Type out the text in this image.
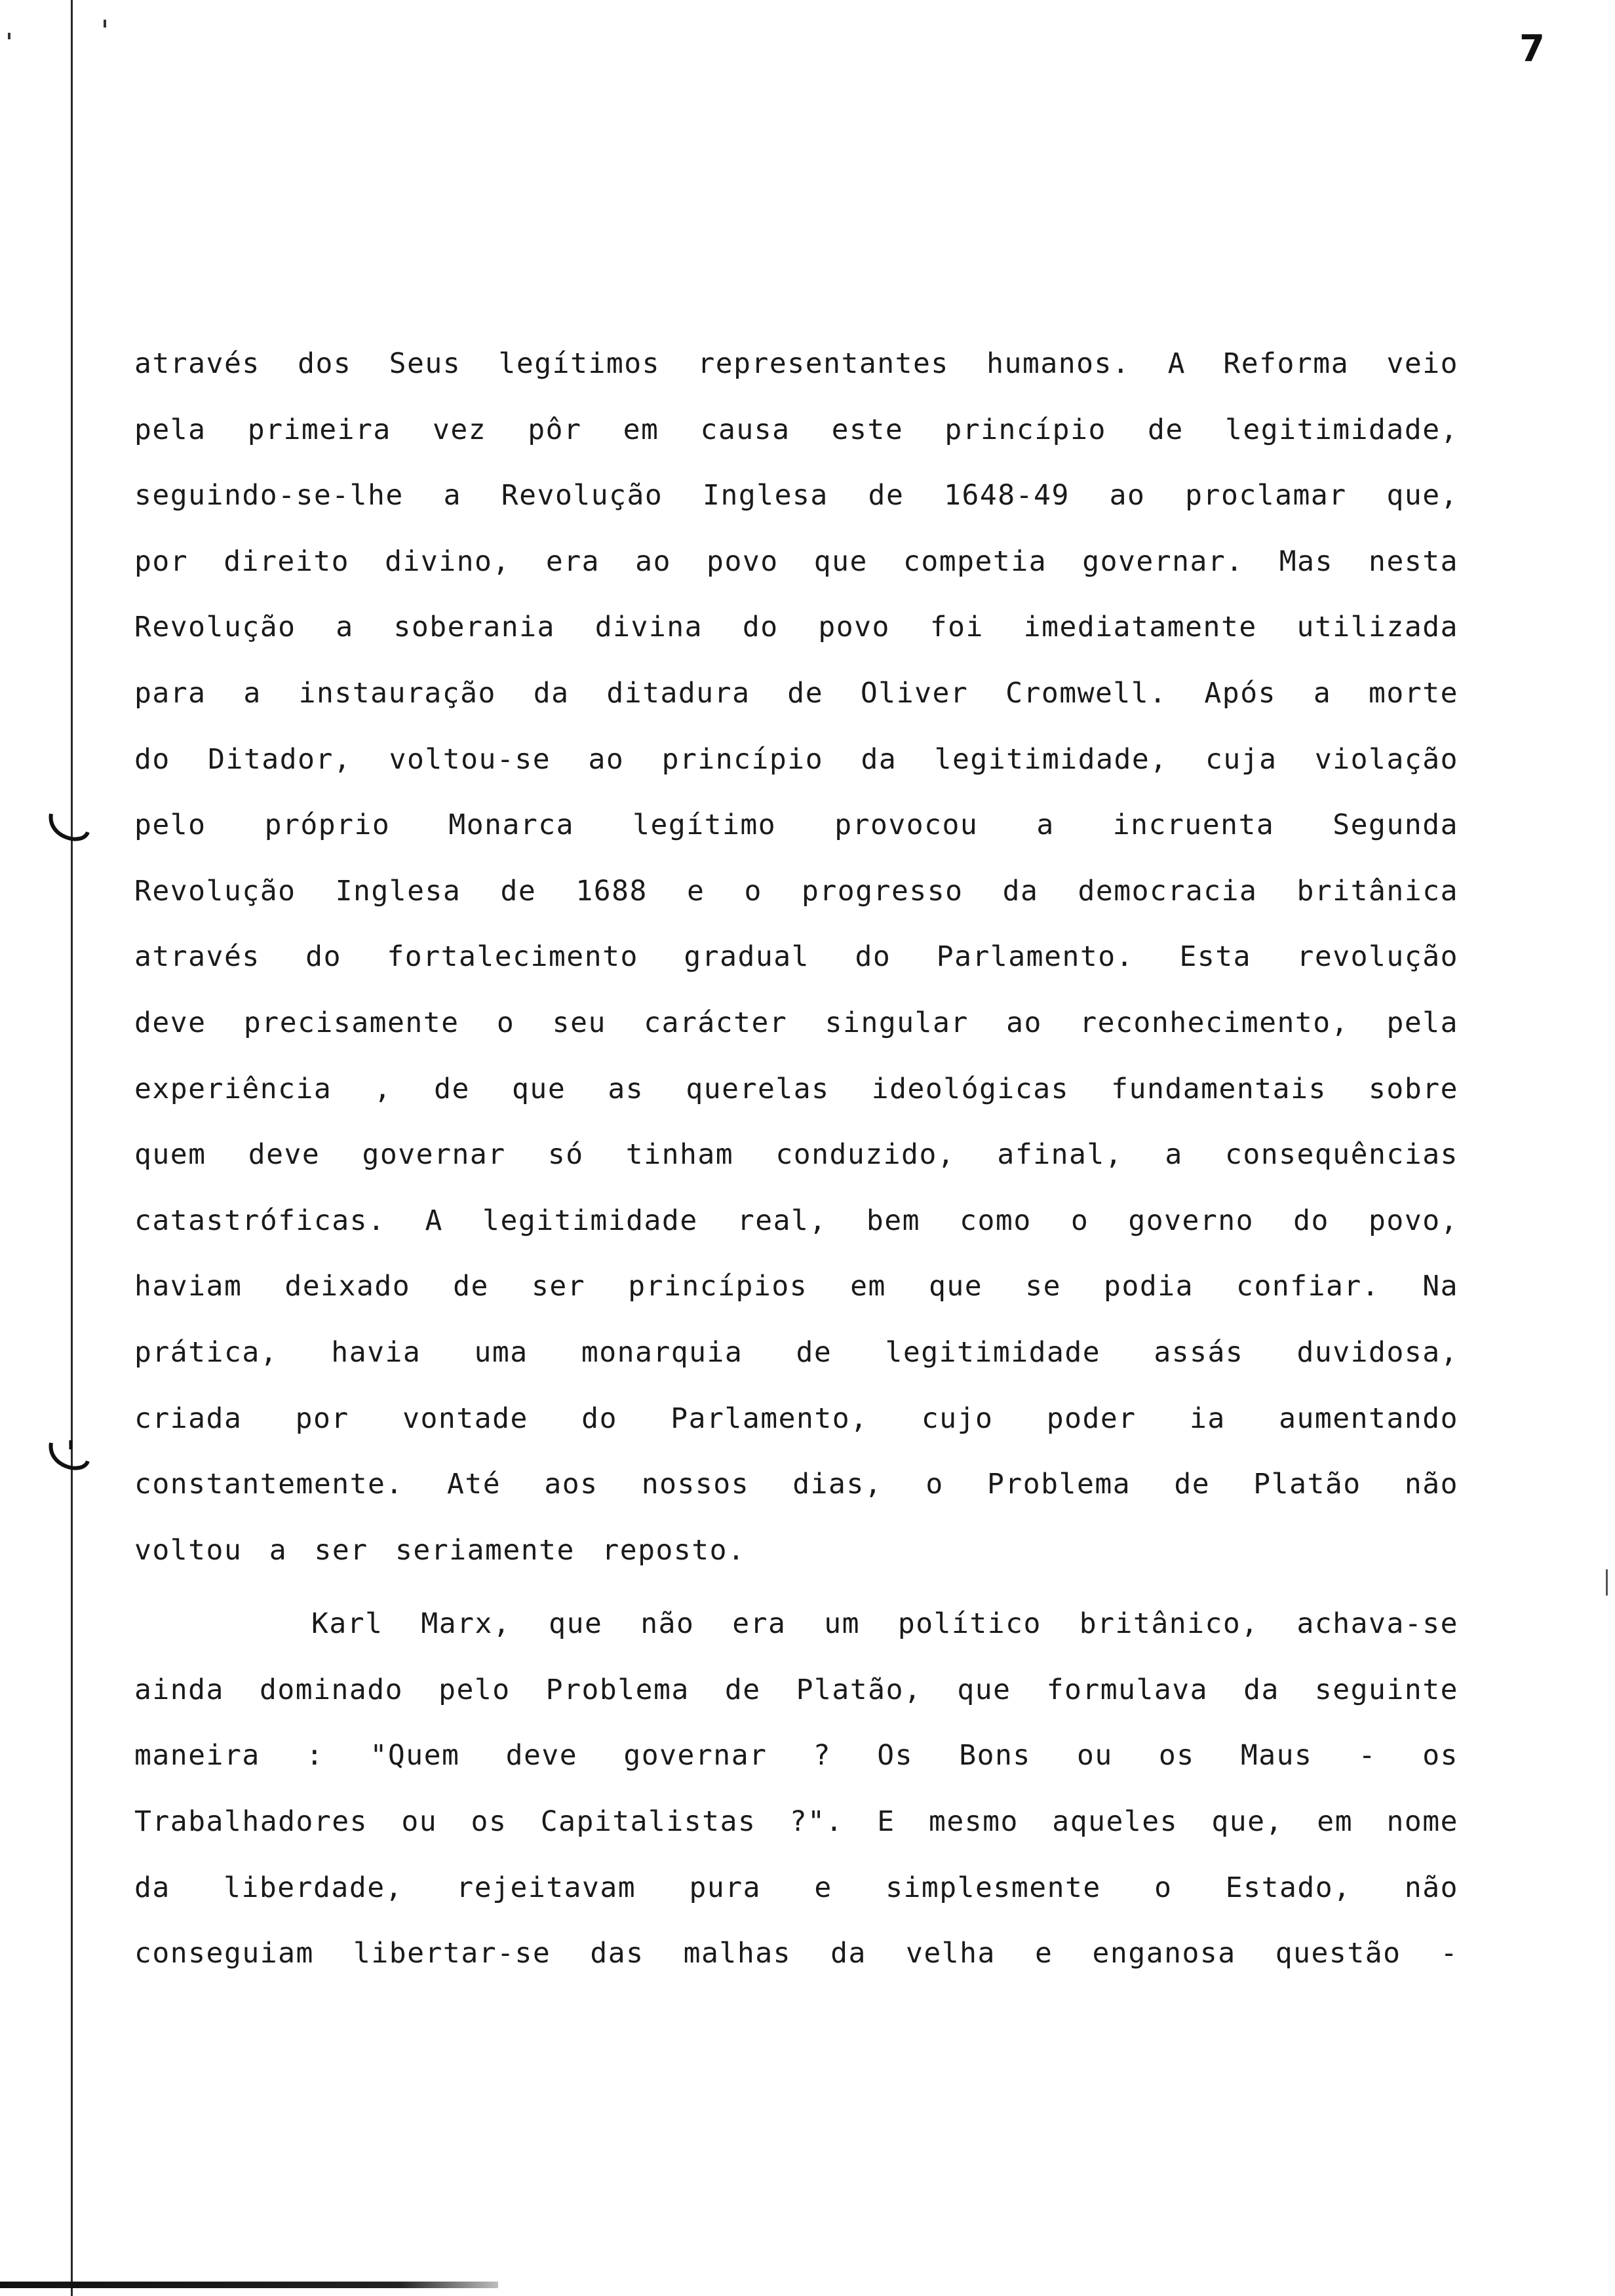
7
através dos Seus legítimos representantes humanos. A Reforma veio
pela primeira vez pôr em causa este princípio de legitimidade,
seguindo-se-lhe a Revolução Inglesa de 1648-49 ao proclamar que,
por direito divino, era ao povo que competia governar. Mas nesta
Revolução a soberania divina do povo foi imediatamente utilizada
para a instauração da ditadura de Oliver Cromwell. Após a morte
do Ditador, voltou-se ao princípio da legitimidade, cuja violação
pelo próprio Monarca legítimo provocou a incruenta Segunda
Revolução Inglesa de 1688 e o progresso da democracia britânica
através do fortalecimento gradual do Parlamento. Esta revolução
deve precisamente o seu carácter singular ao reconhecimento, pela
experiência , de que as querelas ideológicas fundamentais sobre
quem deve governar só tinham conduzido, afinal, a consequências
catastróficas. A legitimidade real, bem como o governo do povo,
haviam deixado de ser princípios em que se podia confiar. Na
prática, havia uma monarquia de legitimidade assás duvidosa,
criada por vontade do Parlamento, cujo poder ia aumentando
constantemente. Até aos nossos dias, o Problema de Platão não
voltou a ser seriamente reposto.
Karl Marx, que não era um político britânico, achava-se
ainda dominado pelo Problema de Platão, que formulava da seguinte
maneira : "Quem deve governar ? Os Bons ou os Maus - os
Trabalhadores ou os Capitalistas ?". E mesmo aqueles que, em nome
da liberdade, rejeitavam pura e simplesmente o Estado, não
conseguiam libertar-se das malhas da velha e enganosa questão -
